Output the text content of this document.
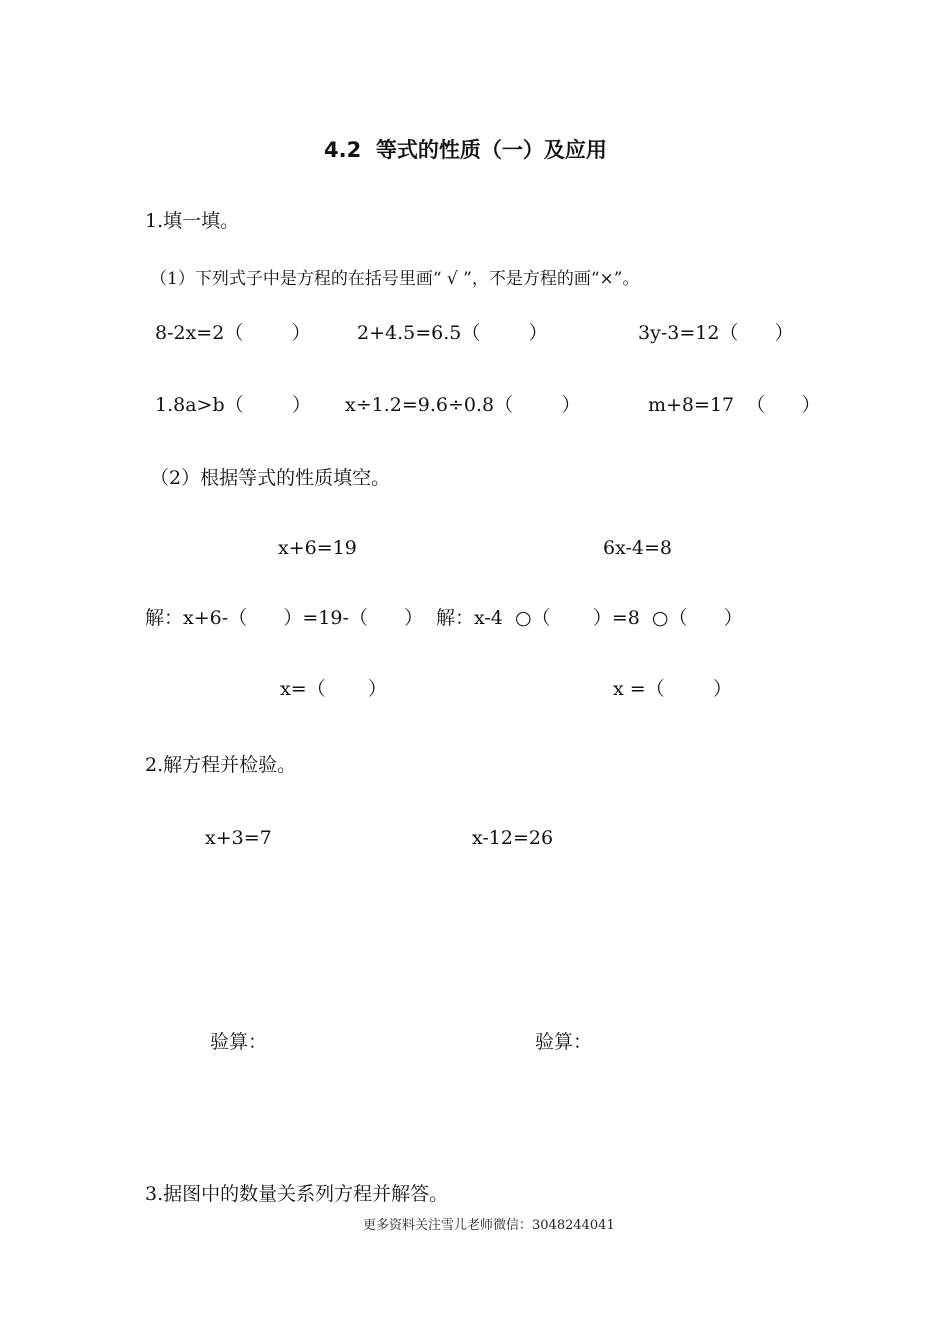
4.2  等式的性质（一）及应用
1.填一填。
（1）下列式子中是方程的在括号里画“ √ ”，不是方程的画“×”。
8-2x=2（        ） 2+4.5=6.5（        ）	3y-3=12（      ）
1.8a>b（        ） x÷1.2=9.6÷0.8（        ）	m+8=17  （      ）
（2）根据等式的性质填空。
x+6=19	6x-4=8
解：x+6-（      ）=19-（      ） 解：x-4  ○（       ）=8  ○（      ）
x=（       ）	x =（        ）
2.解方程并检验。
x+3=7	x-12=26
验算：	验算：
3.据图中的数量关系列方程并解答。
更多资料关注雪儿老师微信：3048244041
